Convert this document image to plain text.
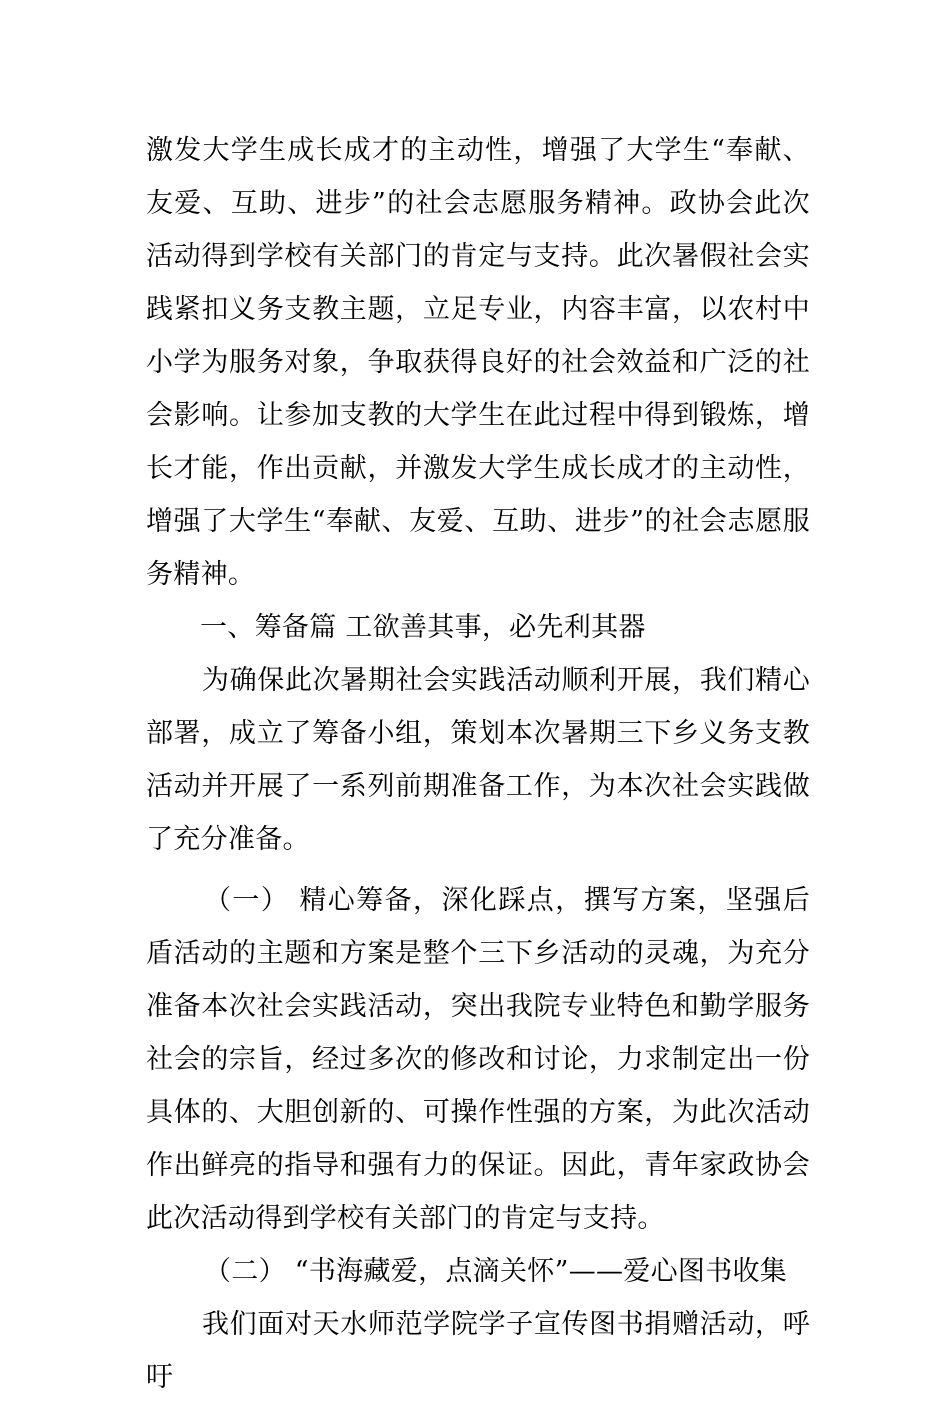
激发大学生成长成才的主动性，增强了大学生“奉献、友爱、互助、进步”的社会志愿服务精神。政协会此次活动得到学校有关部门的肯定与支持。此次暑假社会实践紧扣义务支教主题，立足专业，内容丰富，以农村中小学为服务对象，争取获得良好的社会效益和广泛的社会影响。让参加支教的大学生在此过程中得到锻炼，增长才能，作出贡献，并激发大学生成长成才的主动性，增强了大学生“奉献、友爱、互助、进步”的社会志愿服务精神。

一、筹备篇 工欲善其事，必先利其器

为确保此次暑期社会实践活动顺利开展，我们精心部署，成立了筹备小组，策划本次暑期三下乡义务支教活动并开展了一系列前期准备工作，为本次社会实践做了充分准备。

（一） 精心筹备，深化踩点，撰写方案，坚强后盾活动的主题和方案是整个三下乡活动的灵魂，为充分准备本次社会实践活动，突出我院专业特色和勤学服务社会的宗旨，经过多次的修改和讨论，力求制定出一份具体的、大胆创新的、可操作性强的方案，为此次活动作出鲜亮的指导和强有力的保证。因此，青年家政协会此次活动得到学校有关部门的肯定与支持。

（二） “书海藏爱，点滴关怀”——爱心图书收集

我们面对天水师范学院学子宣传图书捐赠活动，呼吁
